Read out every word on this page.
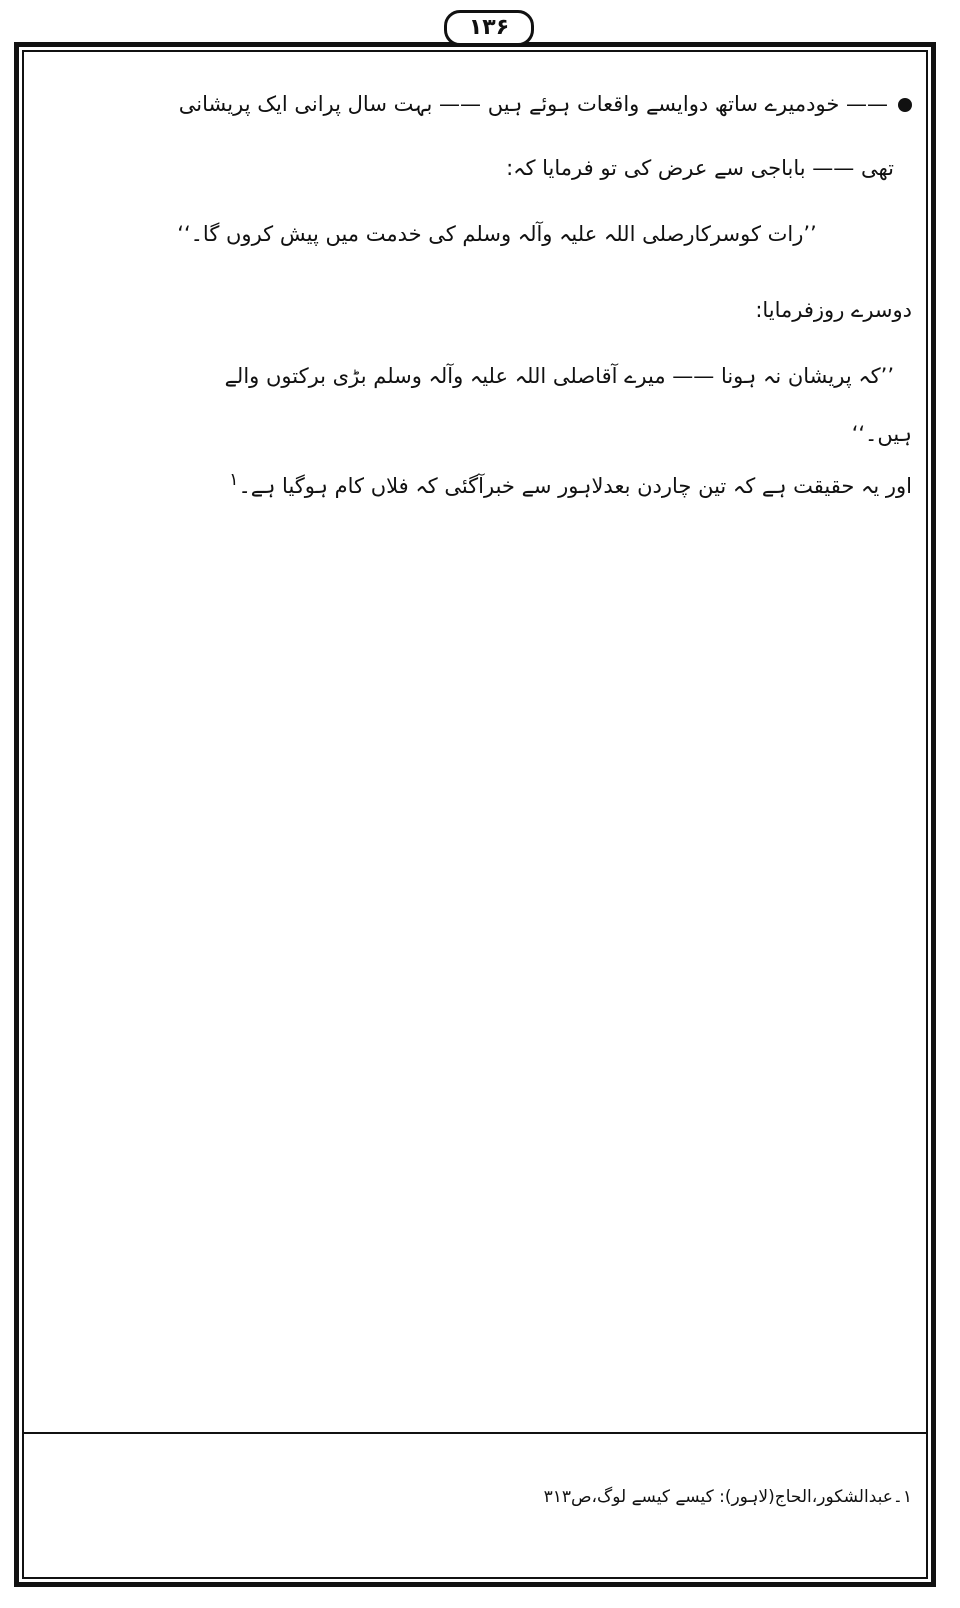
۱۳۶

—— خودمیرے ساتھ دوایسے واقعات ہوئے ہیں —— بہت سال پرانی ایک پریشانی

تھی —— باباجی سے عرض کی تو فرمایا کہ:

’’رات کوسرکارصلی اللہ علیہ وآلہ وسلم کی خدمت میں پیش کروں گا۔‘‘

دوسرے روزفرمایا:

’’کہ پریشان نہ ہونا —— میرے آقاصلی اللہ علیہ وآلہ وسلم بڑی برکتوں والے

ہیں۔‘‘

اور یہ حقیقت ہے کہ تین چاردن بعدلاہور سے خبرآگئی کہ فلاں کام ہوگیا ہے۔$^۱$

۱۔عبدالشکور،الحاج(لاہور): کیسے کیسے لوگ،ص۳۱۳
